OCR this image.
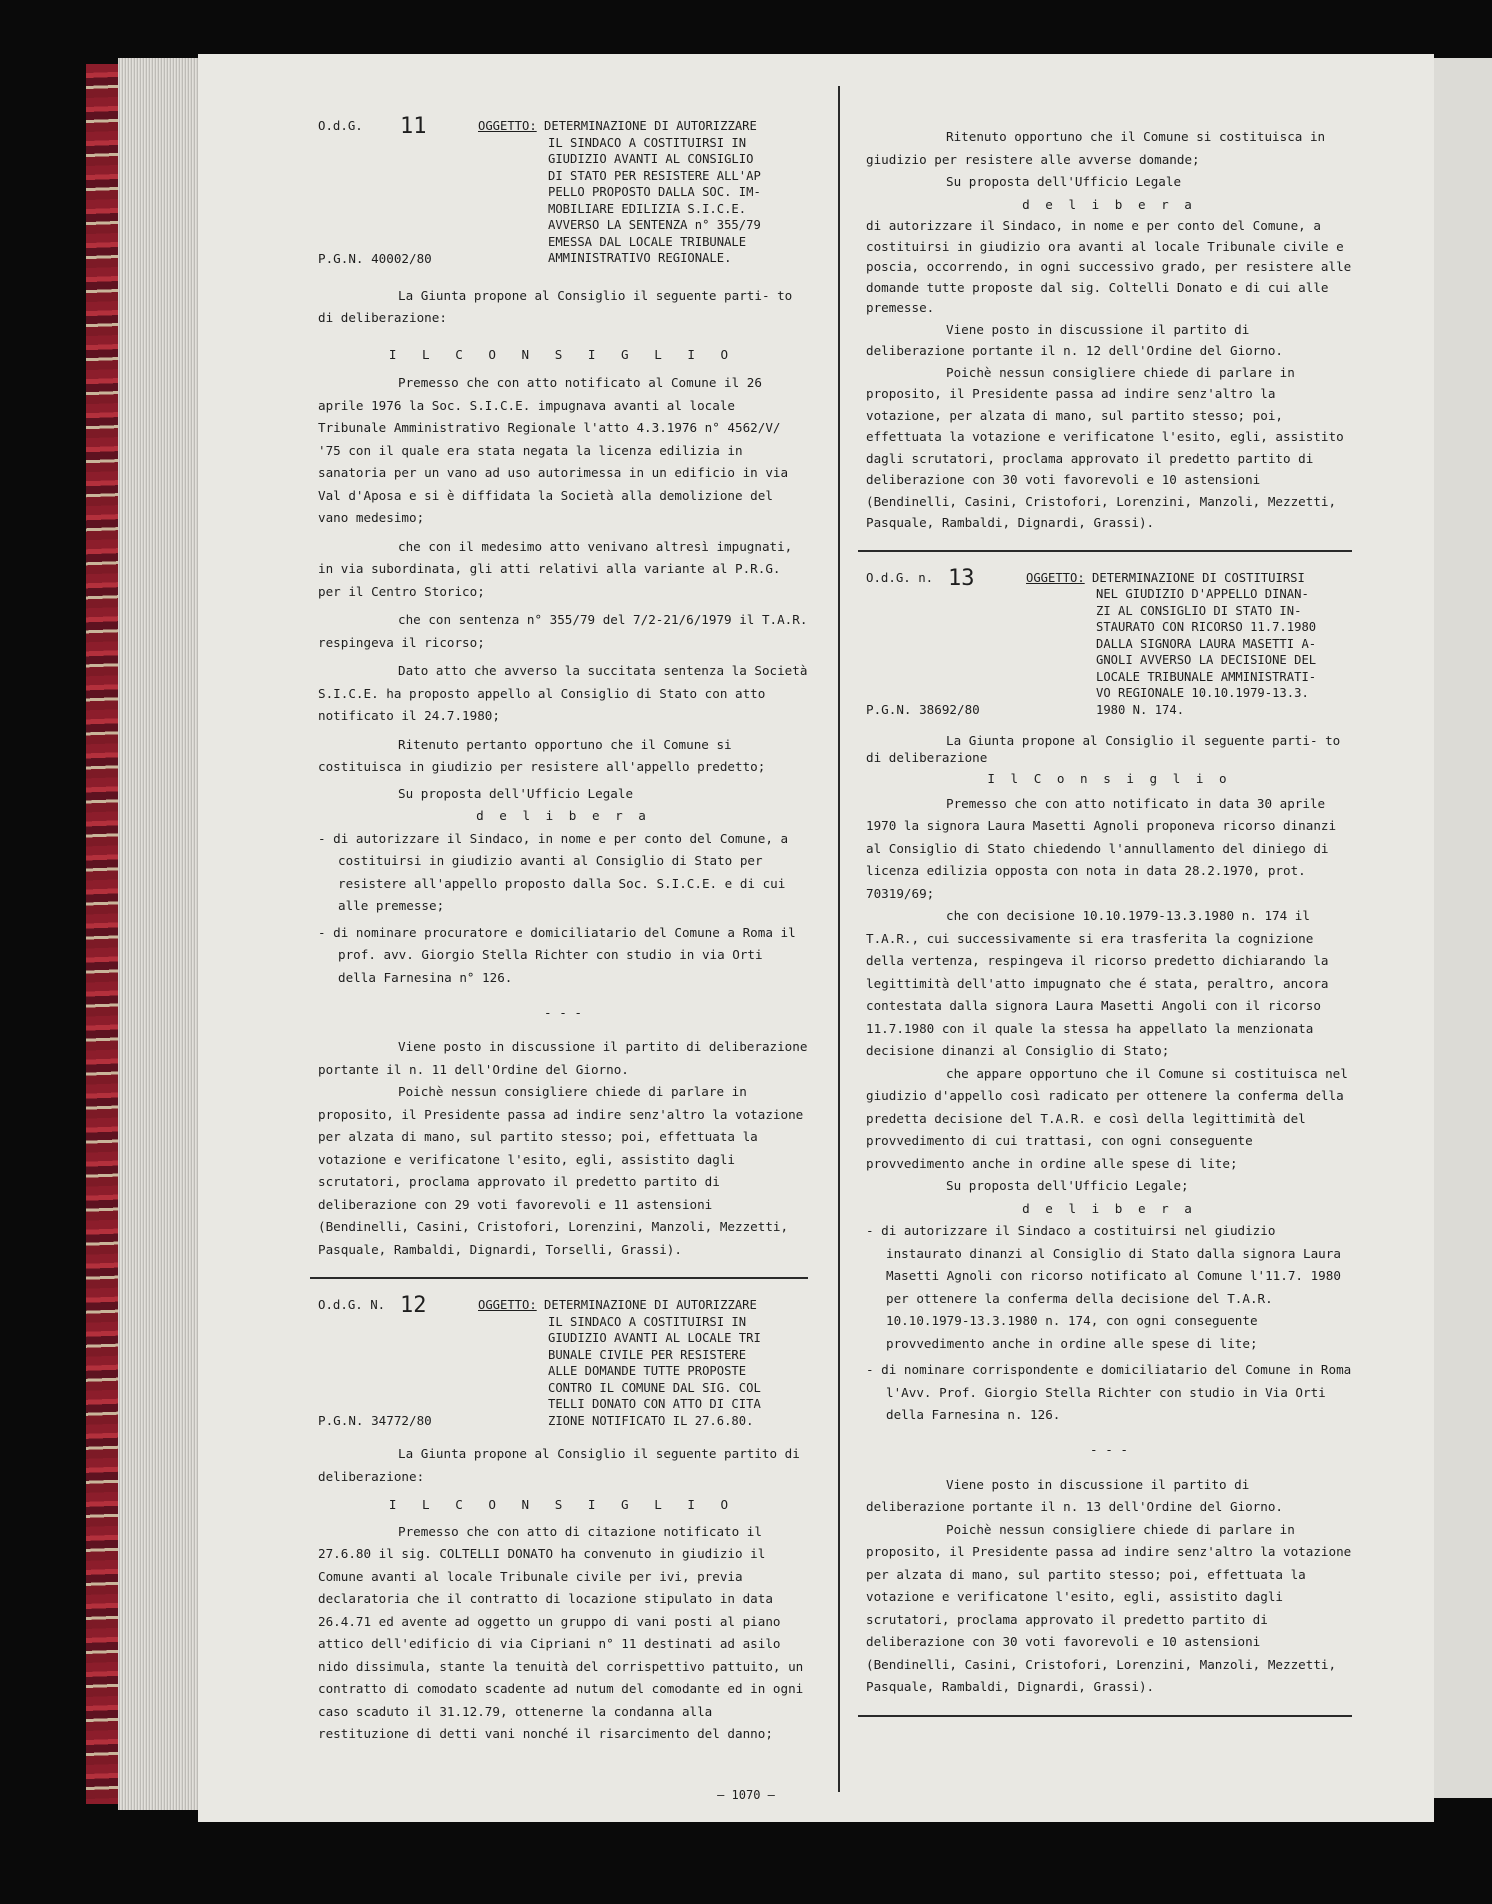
O.d.G.	11	OGGETTO: DETERMINAZIONE DI AUTORIZZARE
IL SINDACO A COSTITUIRSI IN
GIUDIZIO AVANTI AL CONSIGLIO
DI STATO PER RESISTERE ALL'AP
PELLO PROPOSTO DALLA SOC. IM-
MOBILIARE EDILIZIA S.I.C.E.
AVVERSO LA SENTENZA n° 355/79
EMESSA DAL LOCALE TRIBUNALE
AMMINISTRATIVO REGIONALE.
P.G.N. 40002/80

La Giunta propone al Consiglio il seguente parti- to di deliberazione:

I L C O N S I G L I O

Premesso che con atto notificato al Comune il 26 aprile 1976 la Soc. S.I.C.E. impugnava avanti al locale Tribunale Amministrativo Regionale l'atto 4.3.1976 n° 4562/V/ '75 con il quale era stata negata la licenza edilizia in sanatoria per un vano ad uso autorimessa in un edificio in via Val d'Aposa e si è diffidata la Società alla demolizione del vano medesimo;

che con il medesimo atto venivano altresì impugnati, in via subordinata, gli atti relativi alla variante al P.R.G. per il Centro Storico;

che con sentenza n° 355/79 del 7/2-21/6/1979 il T.A.R. respingeva il ricorso;

Dato atto che avverso la succitata sentenza la Società S.I.C.E. ha proposto appello al Consiglio di Stato con atto notificato il 24.7.1980;

Ritenuto pertanto opportuno che il Comune si costituisca in giudizio per resistere all'appello predetto;

Su proposta dell'Ufficio Legale

d e l i b e r a

- di autorizzare il Sindaco, in nome e per conto del Comune, a costituirsi in giudizio avanti al Consiglio di Stato per resistere all'appello proposto dalla Soc. S.I.C.E. e di cui alle premesse;

- di nominare procuratore e domiciliatario del Comune a Roma il prof. avv. Giorgio Stella Richter con studio in via Orti della Farnesina n° 126.

- - -

Viene posto in discussione il partito di deliberazione portante il n. 11 dell'Ordine del Giorno.

Poichè nessun consigliere chiede di parlare in proposito, il Presidente passa ad indire senz'altro la votazione per alzata di mano, sul partito stesso; poi, effettuata la votazione e verificatone l'esito, egli, assistito dagli scrutatori, proclama approvato il predetto partito di deliberazione con 29 voti favorevoli e 11 astensioni (Bendinelli, Casini, Cristofori, Lorenzini, Manzoli, Mezzetti, Pasquale, Rambaldi, Dignardi, Torselli, Grassi).

O.d.G. N. 12	OGGETTO: DETERMINAZIONE DI AUTORIZZARE
IL SINDACO A COSTITUIRSI IN
GIUDIZIO AVANTI AL LOCALE TRI
BUNALE CIVILE PER RESISTERE
ALLE DOMANDE TUTTE PROPOSTE
CONTRO IL COMUNE DAL SIG. COL
TELLI DONATO CON ATTO DI CITA
ZIONE NOTIFICATO IL 27.6.80.
P.G.N. 34772/80

La Giunta propone al Consiglio il seguente partito di deliberazione:

I L C O N S I G L I O

Premesso che con atto di citazione notificato il 27.6.80 il sig. COLTELLI DONATO ha convenuto in giudizio il Comune avanti al locale Tribunale civile per ivi, previa declaratoria che il contratto di locazione stipulato in data 26.4.71 ed avente ad oggetto un gruppo di vani posti al piano attico dell'edificio di via Cipriani n° 11 destinati ad asilo nido dissimula, stante la tenuità del corrispettivo pattuito, un contratto di comodato scadente ad nutum del comodante ed in ogni caso scaduto il 31.12.79, ottenerne la condanna alla restituzione di detti vani nonché il risarcimento del danno;

Ritenuto opportuno che il Comune si costituisca in giudizio per resistere alle avverse domande;

Su proposta dell'Ufficio Legale

d e l i b e r a

di autorizzare il Sindaco, in nome e per conto del Comune, a costituirsi in giudizio ora avanti al locale Tribunale civile e poscia, occorrendo, in ogni successivo grado, per resistere alle domande tutte proposte dal sig. Coltelli Donato e di cui alle premesse.

Viene posto in discussione il partito di deliberazione portante il n. 12 dell'Ordine del Giorno.

Poichè nessun consigliere chiede di parlare in proposito, il Presidente passa ad indire senz'altro la votazione, per alzata di mano, sul partito stesso; poi, effettuata la votazione e verificatone l'esito, egli, assistito dagli scrutatori, proclama approvato il predetto partito di deliberazione con 30 voti favorevoli e 10 astensioni (Bendinelli, Casini, Cristofori, Lorenzini, Manzoli, Mezzetti, Pasquale, Rambaldi, Dignardi, Grassi).

O.d.G. n. 13	OGGETTO: DETERMINAZIONE DI COSTITUIRSI
NEL GIUDIZIO D'APPELLO DINAN-
ZI AL CONSIGLIO DI STATO IN-
STAURATO CON RICORSO 11.7.1980
DALLA SIGNORA LAURA MASETTI A-
GNOLI AVVERSO LA DECISIONE DEL
LOCALE TRIBUNALE AMMINISTRATI-
VO REGIONALE 10.10.1979-13.3.
1980 N. 174.
P.G.N. 38692/80

La Giunta propone al Consiglio il seguente parti- to di deliberazione

I l C o n s i g l i o

Premesso che con atto notificato in data 30 aprile 1970 la signora Laura Masetti Agnoli proponeva ricorso dinanzi al Consiglio di Stato chiedendo l'annullamento del diniego di licenza edilizia opposta con nota in data 28.2.1970, prot. 70319/69;

che con decisione 10.10.1979-13.3.1980 n. 174 il T.A.R., cui successivamente si era trasferita la cognizione della vertenza, respingeva il ricorso predetto dichiarando la legittimità dell'atto impugnato che é stata, peraltro, ancora contestata dalla signora Laura Masetti Angoli con il ricorso 11.7.1980 con il quale la stessa ha appellato la menzionata decisione dinanzi al Consiglio di Stato;

che appare opportuno che il Comune si costituisca nel giudizio d'appello così radicato per ottenere la conferma della predetta decisione del T.A.R. e così della legittimità del provvedimento di cui trattasi, con ogni conseguente provvedimento anche in ordine alle spese di lite;

Su proposta dell'Ufficio Legale;

d e l i b e r a

- di autorizzare il Sindaco a costituirsi nel giudizio instaurato dinanzi al Consiglio di Stato dalla signora Laura Masetti Agnoli con ricorso notificato al Comune l'11.7. 1980 per ottenere la conferma della decisione del T.A.R. 10.10.1979-13.3.1980 n. 174, con ogni conseguente provvedimento anche in ordine alle spese di lite;

- di nominare corrispondente e domiciliatario del Comune in Roma l'Avv. Prof. Giorgio Stella Richter con studio in Via Orti della Farnesina n. 126.

- - -

Viene posto in discussione il partito di deliberazione portante il n. 13 dell'Ordine del Giorno.

Poichè nessun consigliere chiede di parlare in proposito, il Presidente passa ad indire senz'altro la votazione per alzata di mano, sul partito stesso; poi, effettuata la votazione e verificatone l'esito, egli, assistito dagli scrutatori, proclama approvato il predetto partito di deliberazione con 30 voti favorevoli e 10 astensioni (Bendinelli, Casini, Cristofori, Lorenzini, Manzoli, Mezzetti, Pasquale, Rambaldi, Dignardi, Grassi).

– 1070 –
